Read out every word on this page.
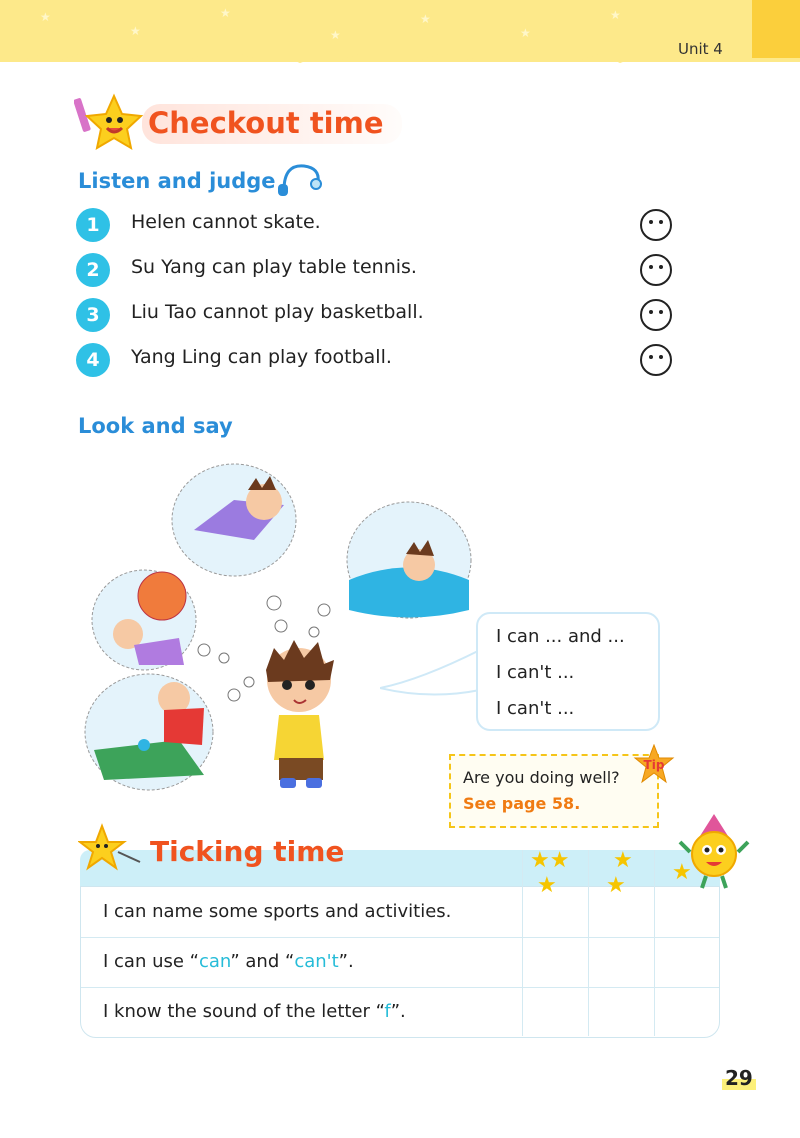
★
★
★
★
★
★
★
Unit 4
Checkout time
Listen and judge
1	Helen cannot skate.
2	Su Yang can play table tennis.
3	Liu Tao cannot play basketball.
4	Yang Ling can play football.
Look and say
I can ... and ...
I can't ...
I can't ...
Are you doing well?
See page 58.
Tip
I can name some sports and activities.
I can use “can” and “can't”.
I know the sound of the letter “f”.
★★
★
★
★
★
Ticking time
29
